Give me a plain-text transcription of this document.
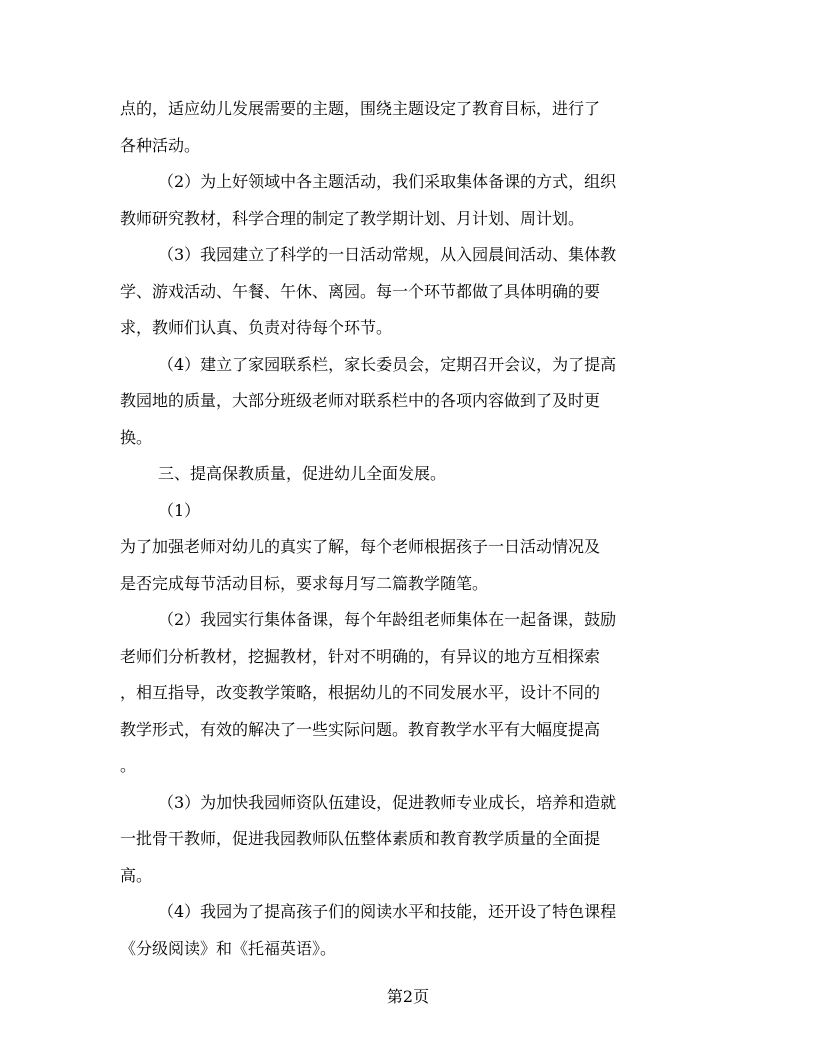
点的，适应幼儿发展需要的主题，围绕主题设定了教育目标，进行了
各种活动。
（2）为上好领域中各主题活动，我们采取集体备课的方式，组织
教师研究教材，科学合理的制定了教学期计划、月计划、周计划。
（3）我园建立了科学的一日活动常规，从入园晨间活动、集体教
学、游戏活动、午餐、午休、离园。每一个环节都做了具体明确的要
求，教师们认真、负责对待每个环节。
（4）建立了家园联系栏，家长委员会，定期召开会议，为了提高
教园地的质量，大部分班级老师对联系栏中的各项内容做到了及时更
换。
三、提高保教质量，促进幼儿全面发展。
（1）
为了加强老师对幼儿的真实了解，每个老师根据孩子一日活动情况及
是否完成每节活动目标，要求每月写二篇教学随笔。
（2）我园实行集体备课，每个年龄组老师集体在一起备课，鼓励
老师们分析教材，挖掘教材，针对不明确的，有异议的地方互相探索
，相互指导，改变教学策略，根据幼儿的不同发展水平，设计不同的
教学形式，有效的解决了一些实际问题。教育教学水平有大幅度提高
。
（3）为加快我园师资队伍建设，促进教师专业成长，培养和造就
一批骨干教师，促进我园教师队伍整体素质和教育教学质量的全面提
高。
（4）我园为了提高孩子们的阅读水平和技能，还开设了特色课程
《分级阅读》和《托福英语》。
第2页
